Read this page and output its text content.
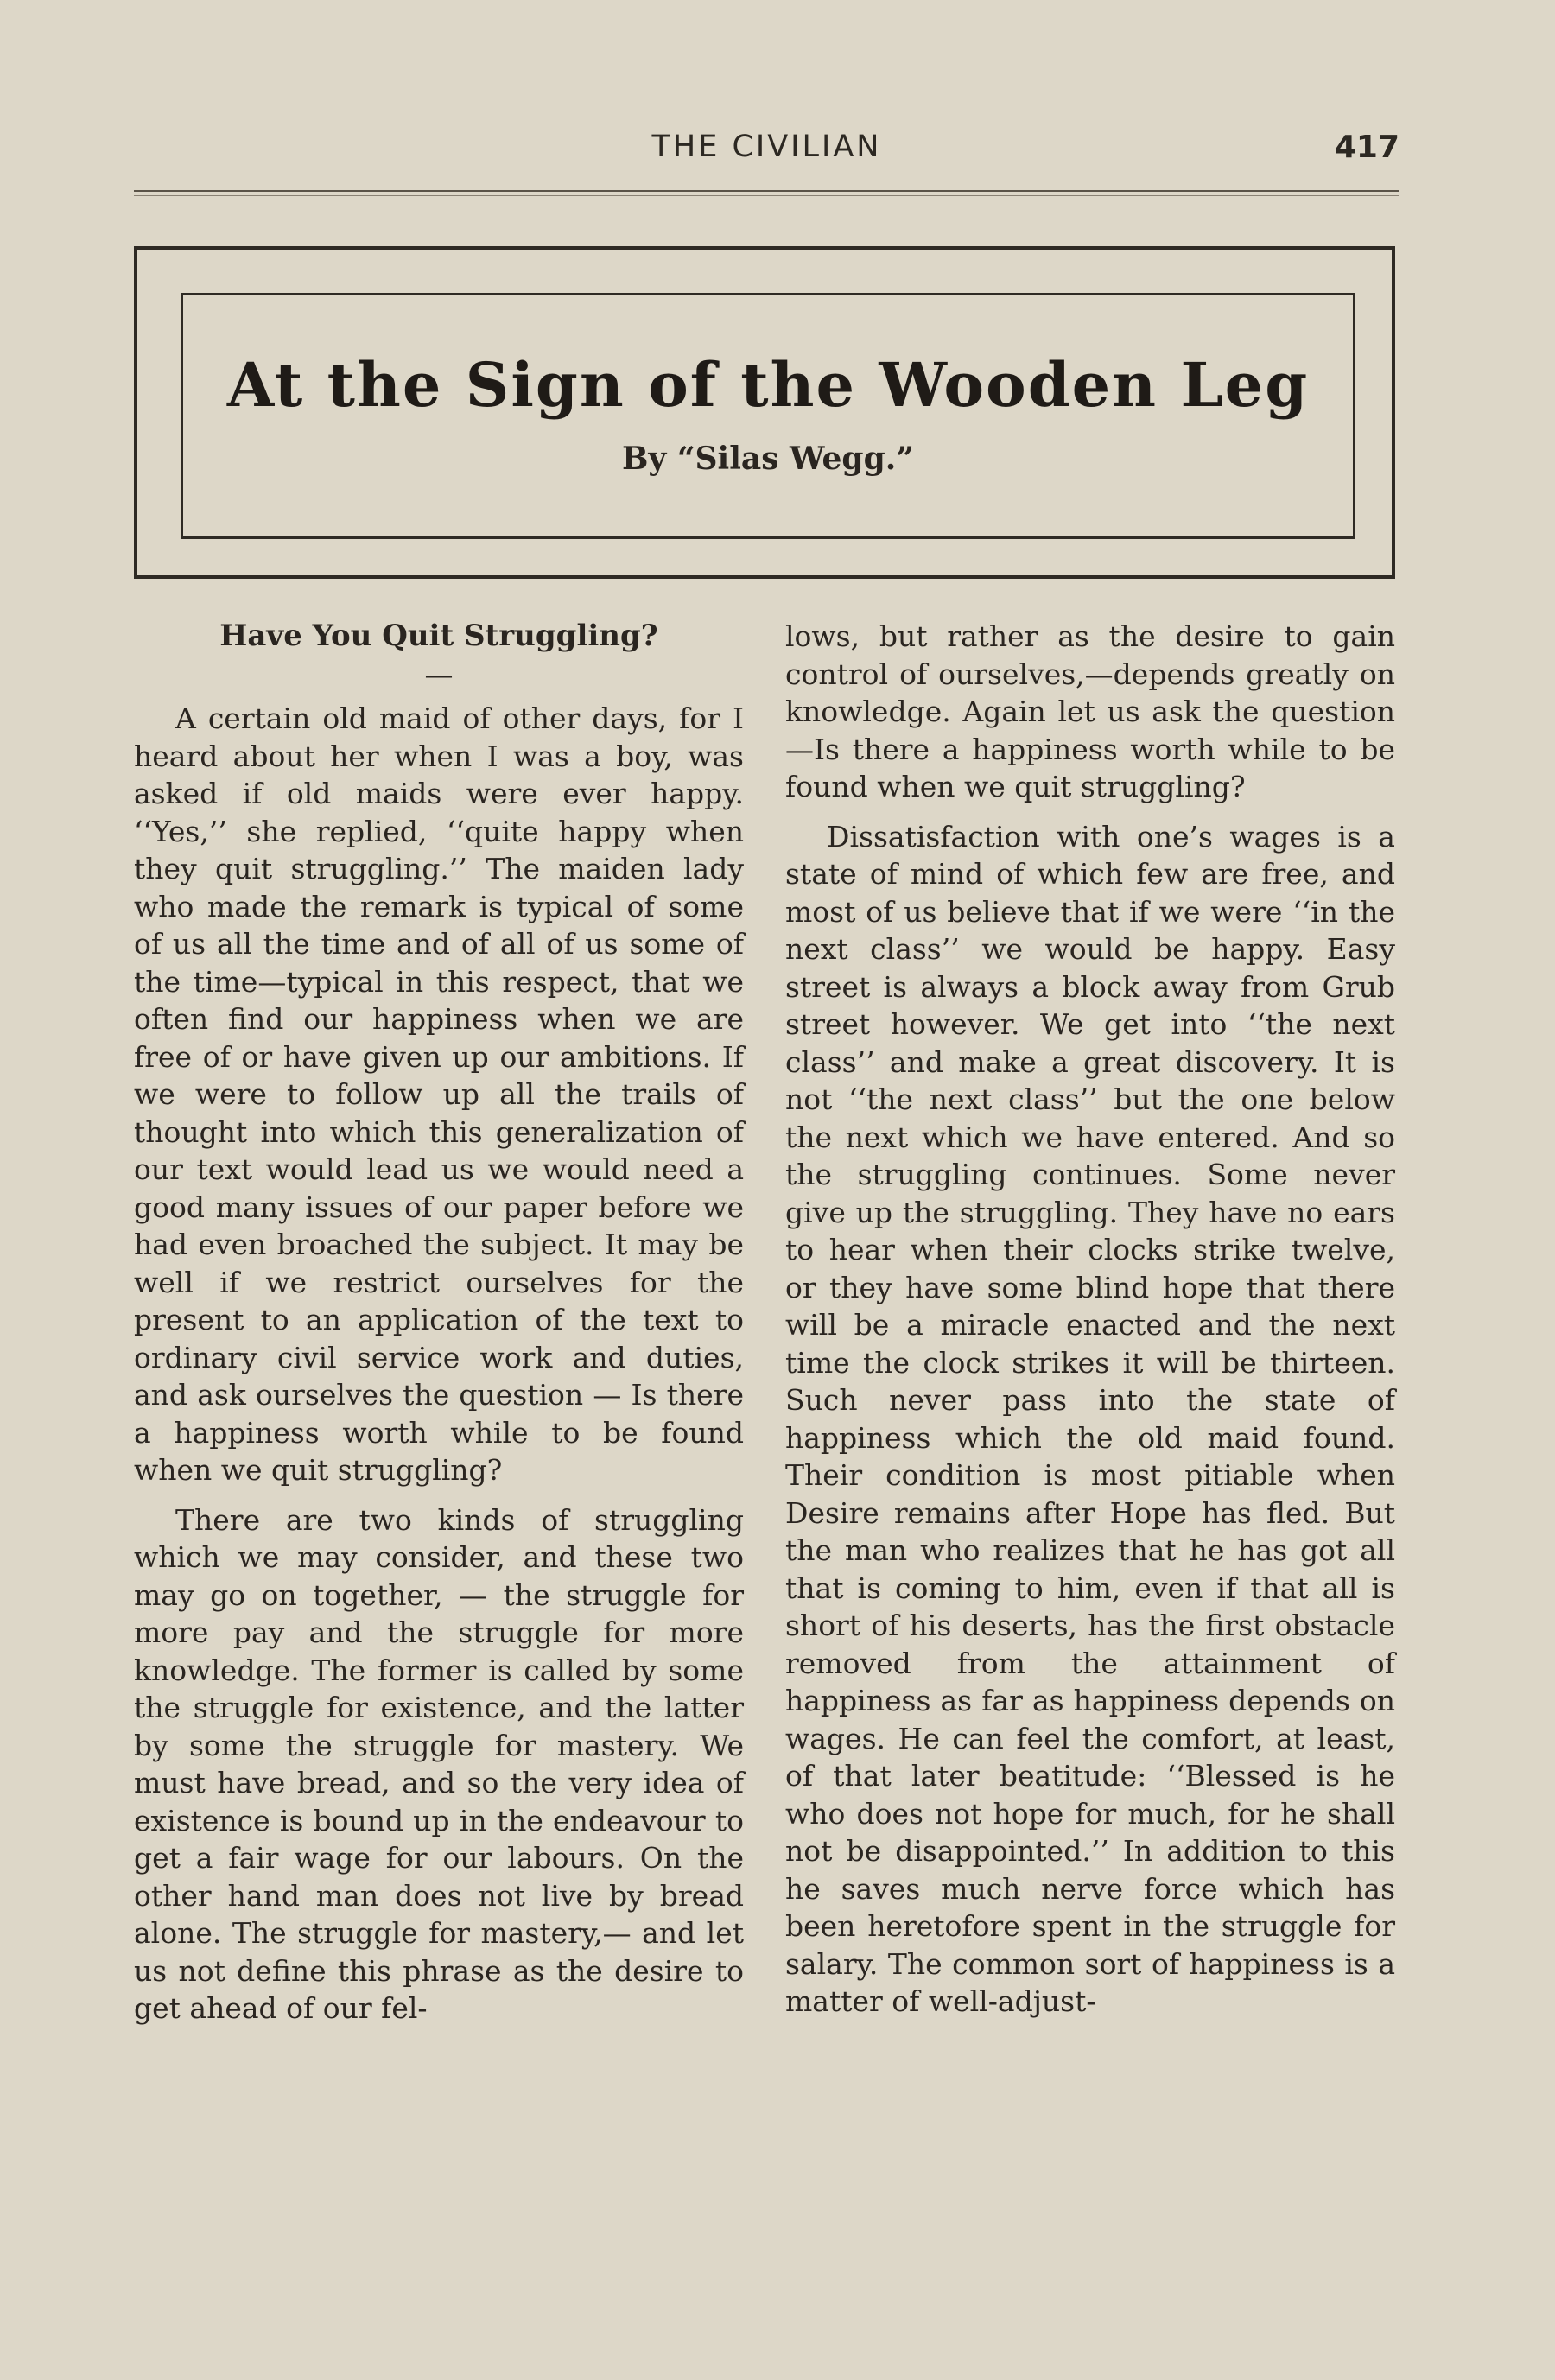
THE CIVILIAN	417
At the Sign of the Wooden Leg
By “Silas Wegg.”
Have You Quit Struggling?
—

A certain old maid of other days, for I heard about her when I was a boy, was asked if old maids were ever happy. ‘‘Yes,’’ she replied, ‘‘quite happy when they quit struggling.’’ The maiden lady who made the remark is typical of some of us all the time and of all of us some of the time—typical in this respect, that we often find our happiness when we are free of or have given up our ambitions. If we were to follow up all the trails of thought into which this generalization of our text would lead us we would need a good many issues of our paper before we had even broached the subject. It may be well if we restrict ourselves for the present to an application of the text to ordinary civil service work and duties, and ask ourselves the question — Is there a happiness worth while to be found when we quit struggling?

There are two kinds of struggling which we may consider, and these two may go on together, — the struggle for more pay and the struggle for more knowledge. The former is called by some the struggle for existence, and the latter by some the struggle for mastery. We must have bread, and so the very idea of existence is bound up in the endeavour to get a fair wage for our labours. On the other hand man does not live by bread alone. The struggle for mastery,— and let us not define this phrase as the desire to get ahead of our fel-

lows, but rather as the desire to gain control of ourselves,—depends greatly on knowledge. Again let us ask the question—Is there a happiness worth while to be found when we quit struggling?

Dissatisfaction with one’s wages is a state of mind of which few are free, and most of us believe that if we were ‘‘in the next class’’ we would be happy. Easy street is always a block away from Grub street however. We get into ‘‘the next class’’ and make a great discovery. It is not ‘‘the next class’’ but the one below the next which we have entered. And so the struggling continues. Some never give up the struggling. They have no ears to hear when their clocks strike twelve, or they have some blind hope that there will be a miracle enacted and the next time the clock strikes it will be thirteen. Such never pass into the state of happiness which the old maid found. Their condition is most pitiable when Desire remains after Hope has fled. But the man who realizes that he has got all that is coming to him, even if that all is short of his deserts, has the first obstacle removed from the attainment of happiness as far as happiness depends on wages. He can feel the comfort, at least, of that later beatitude: ‘‘Blessed is he who does not hope for much, for he shall not be disappointed.’’ In addition to this he saves much nerve force which has been heretofore spent in the struggle for salary. The common sort of happiness is a matter of well-adjust-
